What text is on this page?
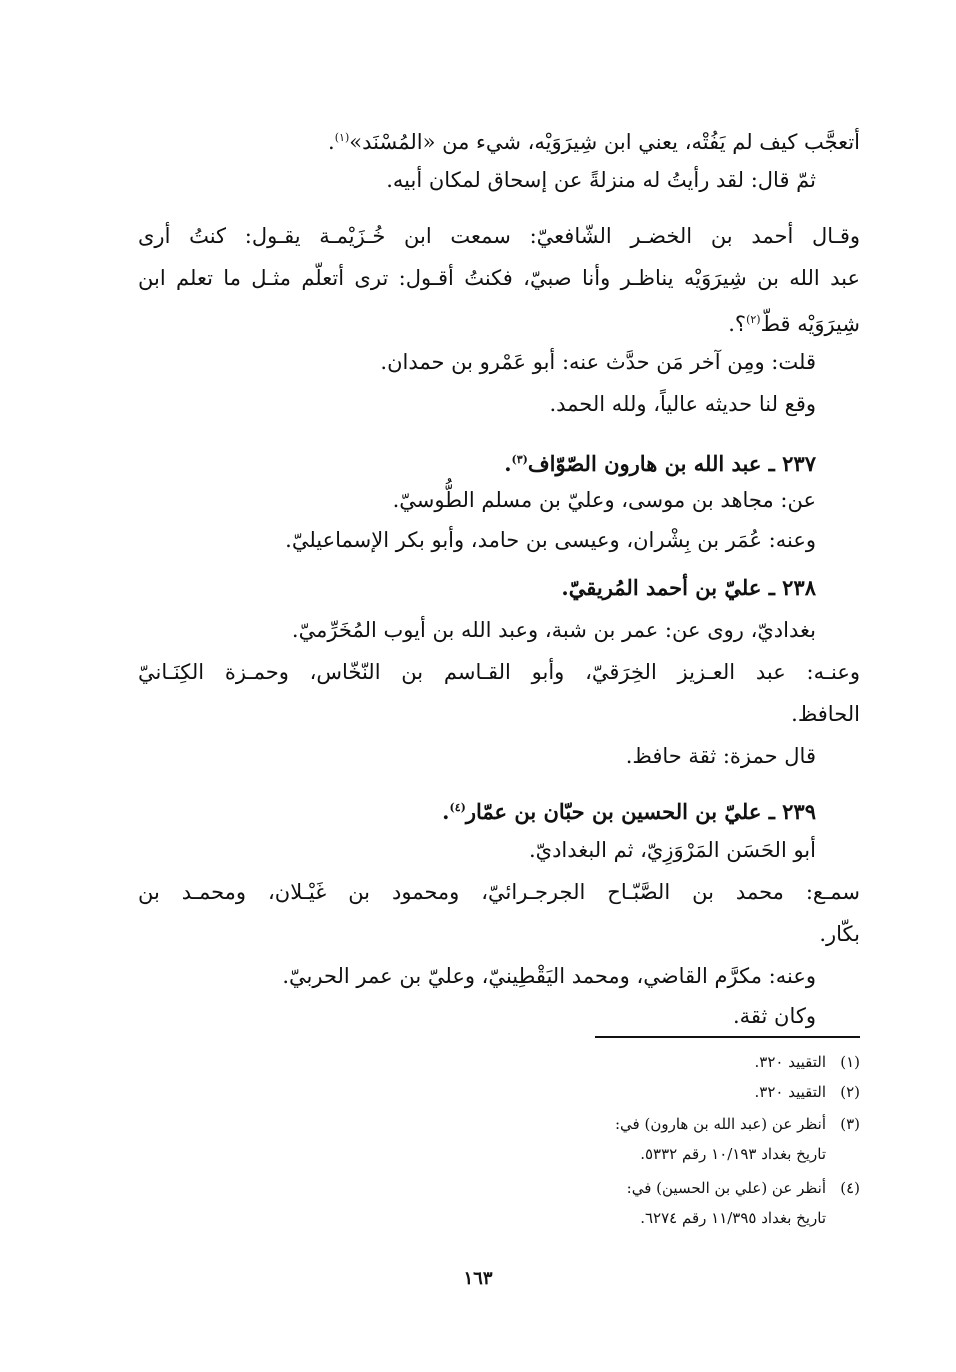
أتعجَّب كيف لم يَفُتْه، يعني ابن شِيرَوَيْه، شيء من «المُسْنَد»$^{(١)}$.
ثمّ قال: لقد رأيتُ له منزلةً عن إسحاق لمكان أبيه.
وقـال أحمد بن الخضـر الشّافعيّ: سمعت ابن خُـزَيْمـة يقـول: كنتُ أرى
عبد الله بن شِيرَوَيْه يناظـر وأنا صبيّ، فكنتُ أقـول: ترى أتعلّم مثـل ما تعلم ابن
شِيرَوَيْه قطّ$^{(٢)}$؟.
قلت: ومِن آخر مَن حدَّث عنه: أبو عَمْرو بن حمدان.
وقع لنا حديثه عالياً، ولله الحمد.
٢٣٧ ـ عبد الله بن هارون الصّوّاف$^{(٣)}$.
عن: مجاهد بن موسى، وعليّ بن مسلم الطُّوسيّ.
وعنه: عُمَر بن بِشْران، وعيسى بن حامد، وأبو بكر الإسماعيليّ.
٢٣٨ ـ عليّ بن أحمد المُريقيّ.
بغداديّ، روى عن: عمر بن شبة، وعبد الله بن أيوب المُخَرِّميّ.
وعنـه: عبد العـزيز الخِرَقيّ، وأبو القـاسم بن النّخّاس، وحمـزة الكِنَـانيّ
الحافظ.
قال حمزة: ثقة حافظ.
٢٣٩ ـ عليّ بن الحسين بن حبّان بن عمّار$^{(٤)}$.
أبو الحَسَن المَرْوَزِيّ، ثم البغداديّ.
سمـع: محمد بن الصَّبّـاح الجرجـرائيّ، ومحمود بن غَيْـلان، ومحمـد بن
بكّار.
وعنه: مكرَّم القاضي، ومحمد اليَقْطِينيّ، وعليّ بن عمر الحربيّ.
وكان ثقة.
(١)التقييد ٣٢٠.
(٢)التقييد ٣٢٠.
(٣)أنظر عن (عبد الله بن هارون) في:
تاريخ بغداد ١٠/١٩٣ رقم ٥٣٣٢.
(٤)أنظر عن (علي بن الحسين) في:
تاريخ بغداد ١١/٣٩٥ رقم ٦٢٧٤.
١٦٣
